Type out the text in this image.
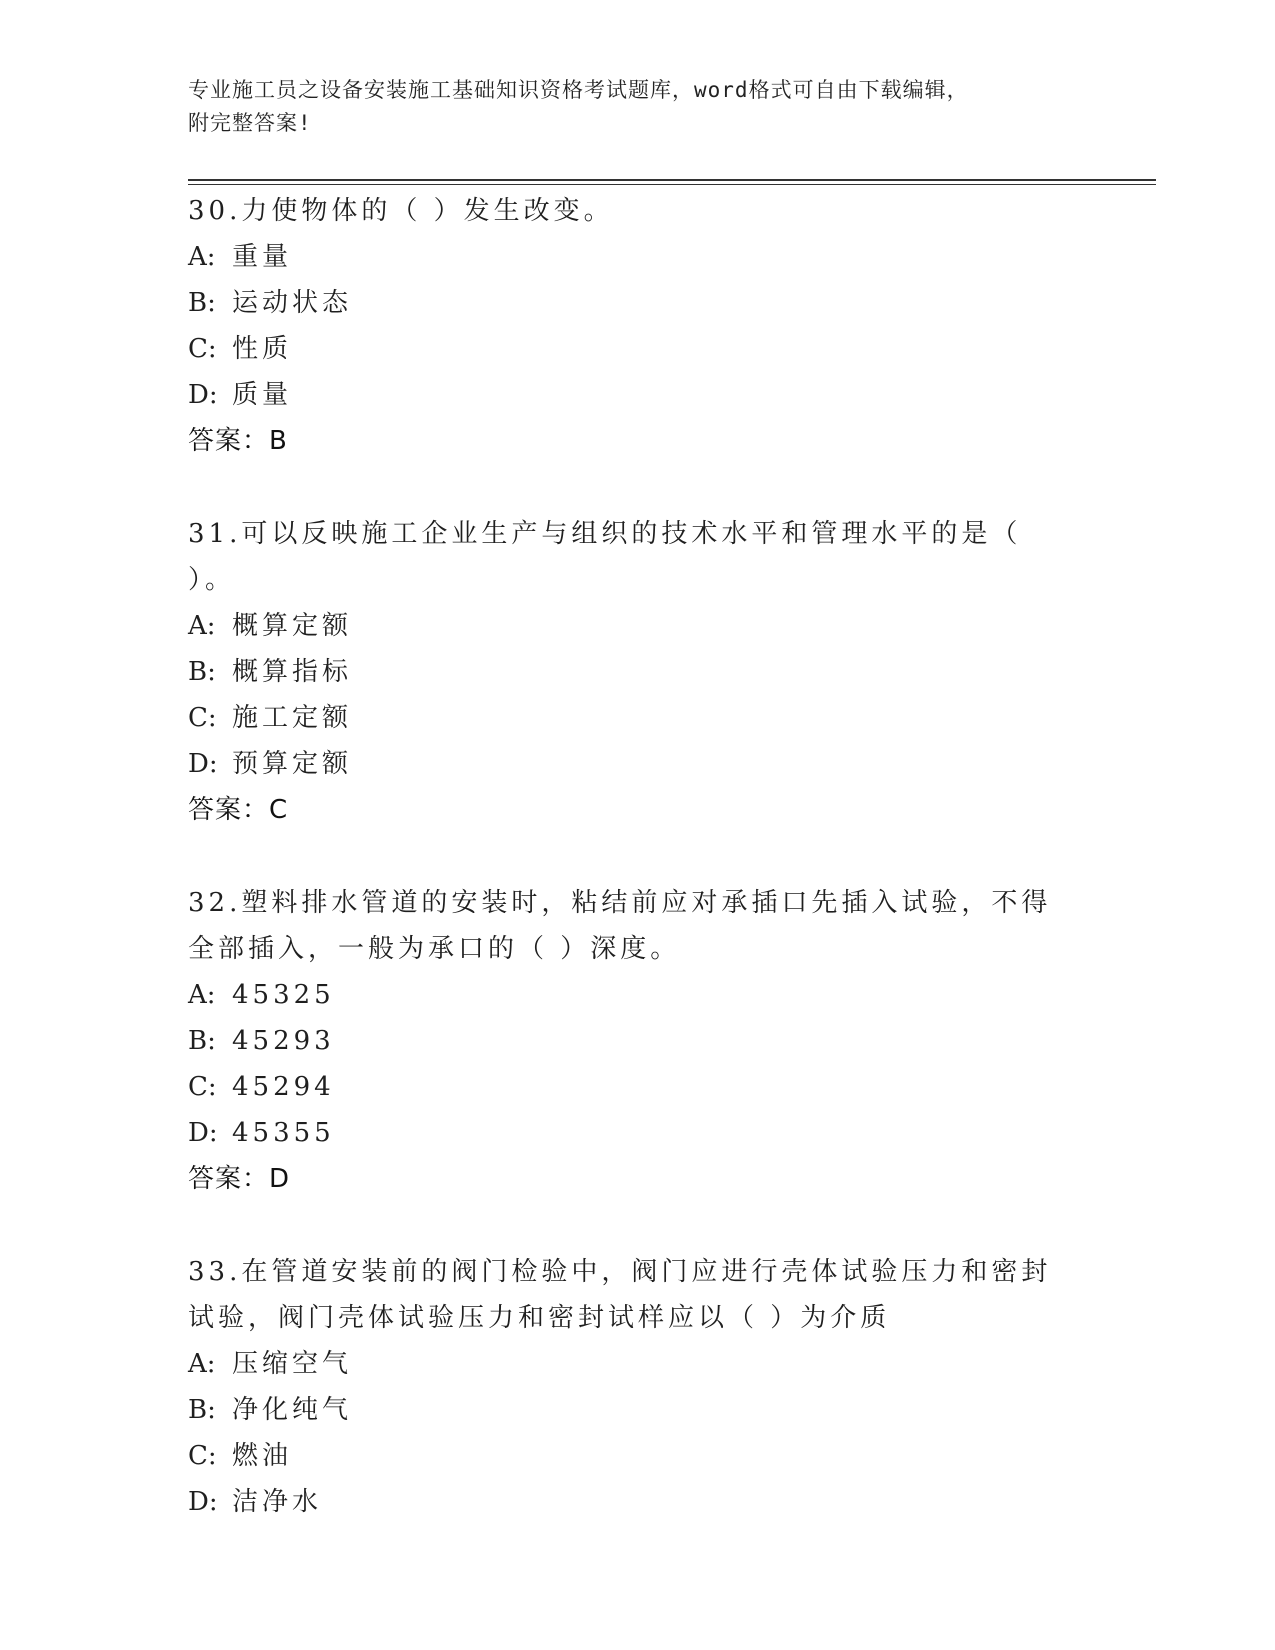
专业施工员之设备安装施工基础知识资格考试题库，word格式可自由下载编辑，
附完整答案!
30.力使物体的（ ）发生改变。
A: 重量
B: 运动状态
C: 性质
D: 质量
答案：B
31.可以反映施工企业生产与组织的技术水平和管理水平的是（ ）。
A: 概算定额
B: 概算指标
C: 施工定额
D: 预算定额
答案：C
32.塑料排水管道的安装时，粘结前应对承插口先插入试验，不得全部插入，一般为承口的（ ）深度。
A: 45325
B: 45293
C: 45294
D: 45355
答案：D
33.在管道安装前的阀门检验中，阀门应进行壳体试验压力和密封试验，阀门壳体试验压力和密封试样应以（ ）为介质
A: 压缩空气
B: 净化纯气
C: 燃油
D: 洁净水
